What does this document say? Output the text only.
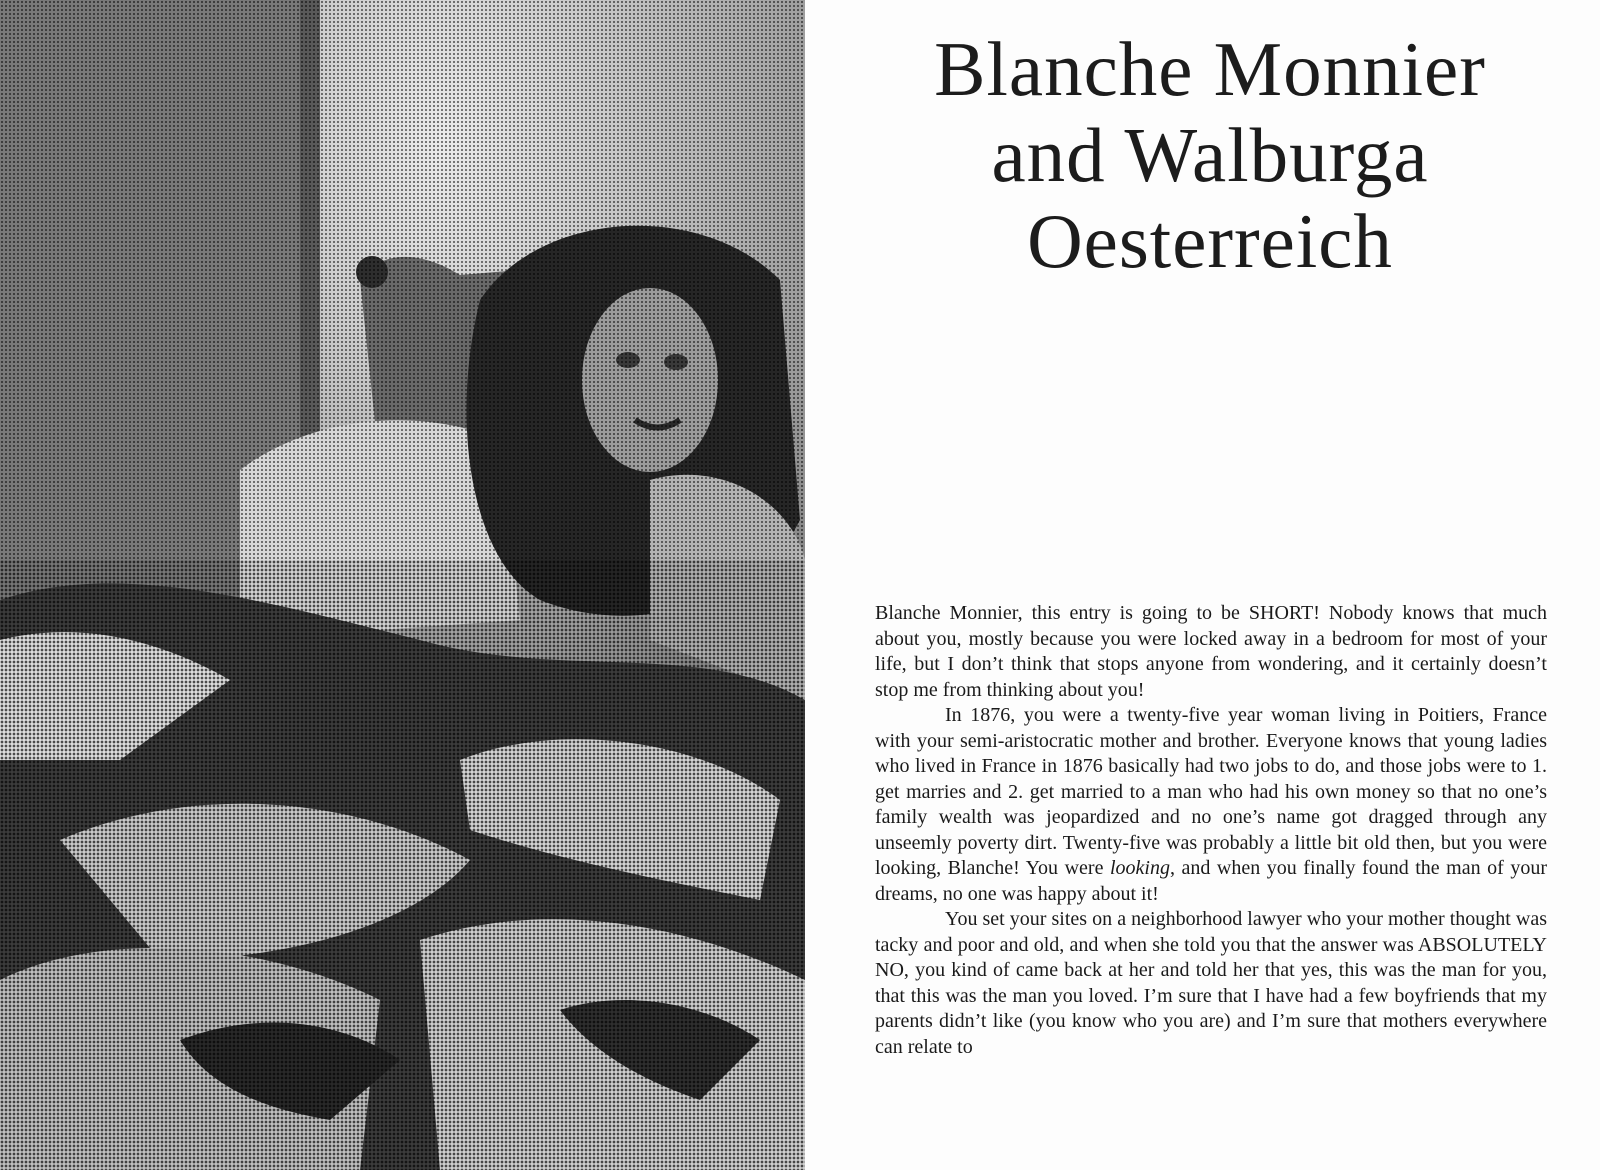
Blanche Monnier
and Walburga
Oesterreich

Blanche Monnier, this entry is going to be SHORT! Nobody knows that much about you, mostly because you were locked away in a bedroom for most of your life, but I don’t think that stops anyone from wondering, and it certainly doesn’t stop me from thinking about you!

In 1876, you were a twenty-five year woman living in Poitiers, France with your semi-aristocratic mother and brother. Everyone knows that young ladies who lived in France in 1876 basically had two jobs to do, and those jobs were to 1. get marries and 2. get married to a man who had his own money so that no one’s family wealth was jeopardized and no one’s name got dragged through any unseemly poverty dirt. Twenty-five was probably a little bit old then, but you were looking, Blanche! You were looking, and when you finally found the man of your dreams, no one was happy about it!

You set your sites on a neighborhood lawyer who your mother thought was tacky and poor and old, and when she told you that the answer was ABSOLUTELY NO, you kind of came back at her and told her that yes, this was the man for you, that this was the man you loved. I’m sure that I have had a few boyfriends that my parents didn’t like (you know who you are) and I’m sure that mothers everywhere can relate to
